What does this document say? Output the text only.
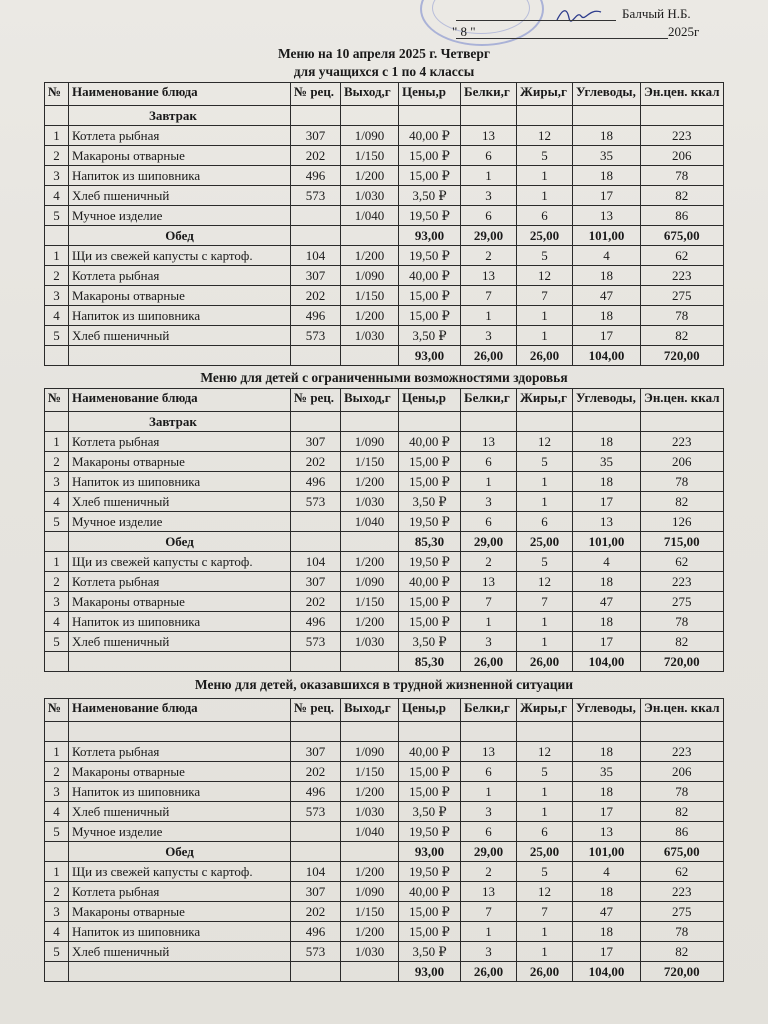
Балчый Н.Б.
" 8 "	2025г
Меню на 10 апреля 2025 г. Четверг
для учащихся с 1 по 4 классы
№	Наименование блюда	№ рец.	Выход,г	Цены,р	Белки,г	Жиры,г	Углеводы,	Эн.цен. ккал
	Завтрак							
1	Котлета рыбная	307	1/090	40,00 ₽	13	12	18	223
2	Макароны отварные	202	1/150	15,00 ₽	6	5	35	206
3	Напиток из шиповника	496	1/200	15,00 ₽	1	1	18	78
4	Хлеб пшеничный	573	1/030	3,50 ₽	3	1	17	82
5	Мучное изделие		1/040	19,50 ₽	6	6	13	86
	Обед			93,00	29,00	25,00	101,00	675,00
1	Щи из свежей капусты с картоф.	104	1/200	19,50 ₽	2	5	4	62
2	Котлета рыбная	307	1/090	40,00 ₽	13	12	18	223
3	Макароны отварные	202	1/150	15,00 ₽	7	7	47	275
4	Напиток из шиповника	496	1/200	15,00 ₽	1	1	18	78
5	Хлеб пшеничный	573	1/030	3,50 ₽	3	1	17	82
				93,00	26,00	26,00	104,00	720,00
Меню для детей с ограниченными возможностями здоровья
№	Наименование блюда	№ рец.	Выход,г	Цены,р	Белки,г	Жиры,г	Углеводы,	Эн.цен. ккал
	Завтрак							
1	Котлета рыбная	307	1/090	40,00 ₽	13	12	18	223
2	Макароны отварные	202	1/150	15,00 ₽	6	5	35	206
3	Напиток из шиповника	496	1/200	15,00 ₽	1	1	18	78
4	Хлеб пшеничный	573	1/030	3,50 ₽	3	1	17	82
5	Мучное изделие		1/040	19,50 ₽	6	6	13	126
	Обед			85,30	29,00	25,00	101,00	715,00
1	Щи из свежей капусты с картоф.	104	1/200	19,50 ₽	2	5	4	62
2	Котлета рыбная	307	1/090	40,00 ₽	13	12	18	223
3	Макароны отварные	202	1/150	15,00 ₽	7	7	47	275
4	Напиток из шиповника	496	1/200	15,00 ₽	1	1	18	78
5	Хлеб пшеничный	573	1/030	3,50 ₽	3	1	17	82
				85,30	26,00	26,00	104,00	720,00
Меню для детей, оказавшихся в трудной жизненной ситуации
№	Наименование блюда	№ рец.	Выход,г	Цены,р	Белки,г	Жиры,г	Углеводы,	Эн.цен. ккал

1	Котлета рыбная	307	1/090	40,00 ₽	13	12	18	223
2	Макароны отварные	202	1/150	15,00 ₽	6	5	35	206
3	Напиток из шиповника	496	1/200	15,00 ₽	1	1	18	78
4	Хлеб пшеничный	573	1/030	3,50 ₽	3	1	17	82
5	Мучное изделие		1/040	19,50 ₽	6	6	13	86
	Обед			93,00	29,00	25,00	101,00	675,00
1	Щи из свежей капусты с картоф.	104	1/200	19,50 ₽	2	5	4	62
2	Котлета рыбная	307	1/090	40,00 ₽	13	12	18	223
3	Макароны отварные	202	1/150	15,00 ₽	7	7	47	275
4	Напиток из шиповника	496	1/200	15,00 ₽	1	1	18	78
5	Хлеб пшеничный	573	1/030	3,50 ₽	3	1	17	82
				93,00	26,00	26,00	104,00	720,00
